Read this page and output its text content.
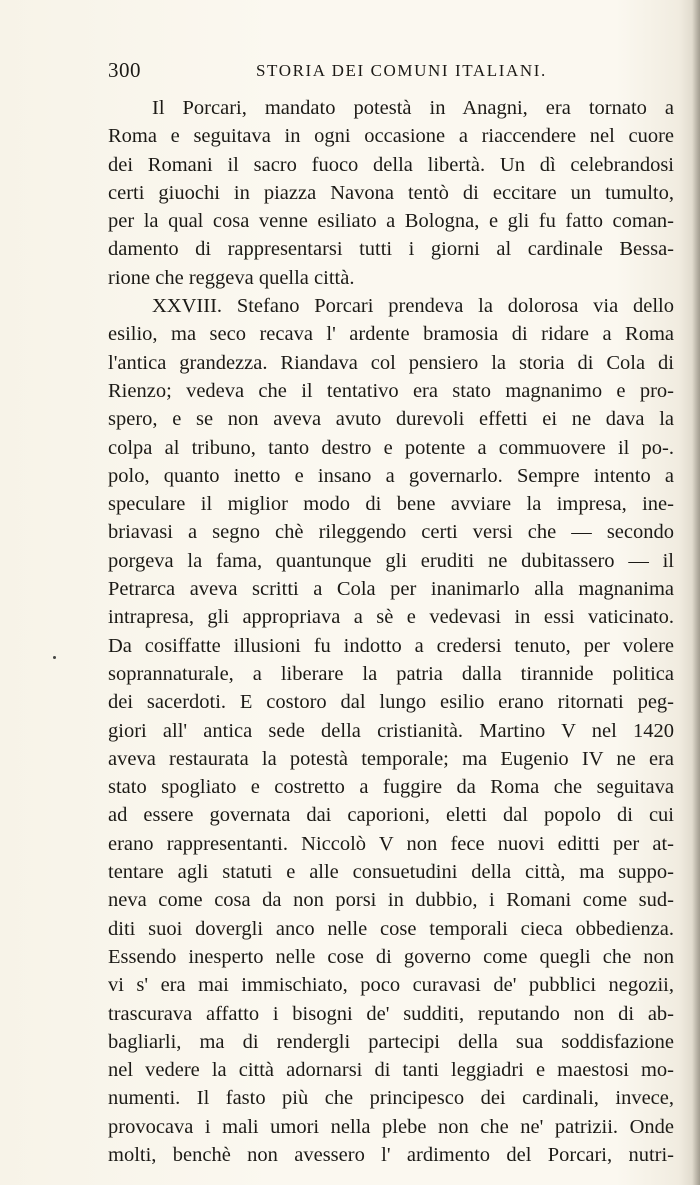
300	STORIA DEI COMUNI ITALIANI.
Il Porcari, mandato potestà in Anagni, era tornato a
Roma e seguitava in ogni occasione a riaccendere nel cuore
dei Romani il sacro fuoco della libertà. Un dì celebrandosi
certi giuochi in piazza Navona tentò di eccitare un tumulto,
per la qual cosa venne esiliato a Bologna, e gli fu fatto coman-
damento di rappresentarsi tutti i giorni al cardinale Bessa-
rione che reggeva quella città.
XXVIII. Stefano Porcari prendeva la dolorosa via dello
esilio, ma seco recava l' ardente bramosia di ridare a Roma
l'antica grandezza. Riandava col pensiero la storia di Cola di
Rienzo; vedeva che il tentativo era stato magnanimo e pro-
spero, e se non aveva avuto durevoli effetti ei ne dava la
colpa al tribuno, tanto destro e potente a commuovere il po-.
polo, quanto inetto e insano a governarlo. Sempre intento a
speculare il miglior modo di bene avviare la impresa, ine-
briavasi a segno chè rileggendo certi versi che — secondo
porgeva la fama, quantunque gli eruditi ne dubitassero — il
Petrarca aveva scritti a Cola per inanimarlo alla magnanima
intrapresa, gli appropriava a sè e vedevasi in essi vaticinato.
Da cosiffatte illusioni fu indotto a credersi tenuto, per volere
soprannaturale, a liberare la patria dalla tirannide politica
dei sacerdoti. E costoro dal lungo esilio erano ritornati peg-
giori all' antica sede della cristianità. Martino V nel 1420
aveva restaurata la potestà temporale; ma Eugenio IV ne era
stato spogliato e costretto a fuggire da Roma che seguitava
ad essere governata dai caporioni, eletti dal popolo di cui
erano rappresentanti. Niccolò V non fece nuovi editti per at-
tentare agli statuti e alle consuetudini della città, ma suppo-
neva come cosa da non porsi in dubbio, i Romani come sud-
diti suoi dovergli anco nelle cose temporali cieca obbedienza.
Essendo inesperto nelle cose di governo come quegli che non
vi s' era mai immischiato, poco curavasi de' pubblici negozii,
trascurava affatto i bisogni de' sudditi, reputando non di ab-
bagliarli, ma di rendergli partecipi della sua soddisfazione
nel vedere la città adornarsi di tanti leggiadri e maestosi mo-
numenti. Il fasto più che principesco dei cardinali, invece,
provocava i mali umori nella plebe non che ne' patrizii. Onde
molti, benchè non avessero l' ardimento del Porcari, nutri-
